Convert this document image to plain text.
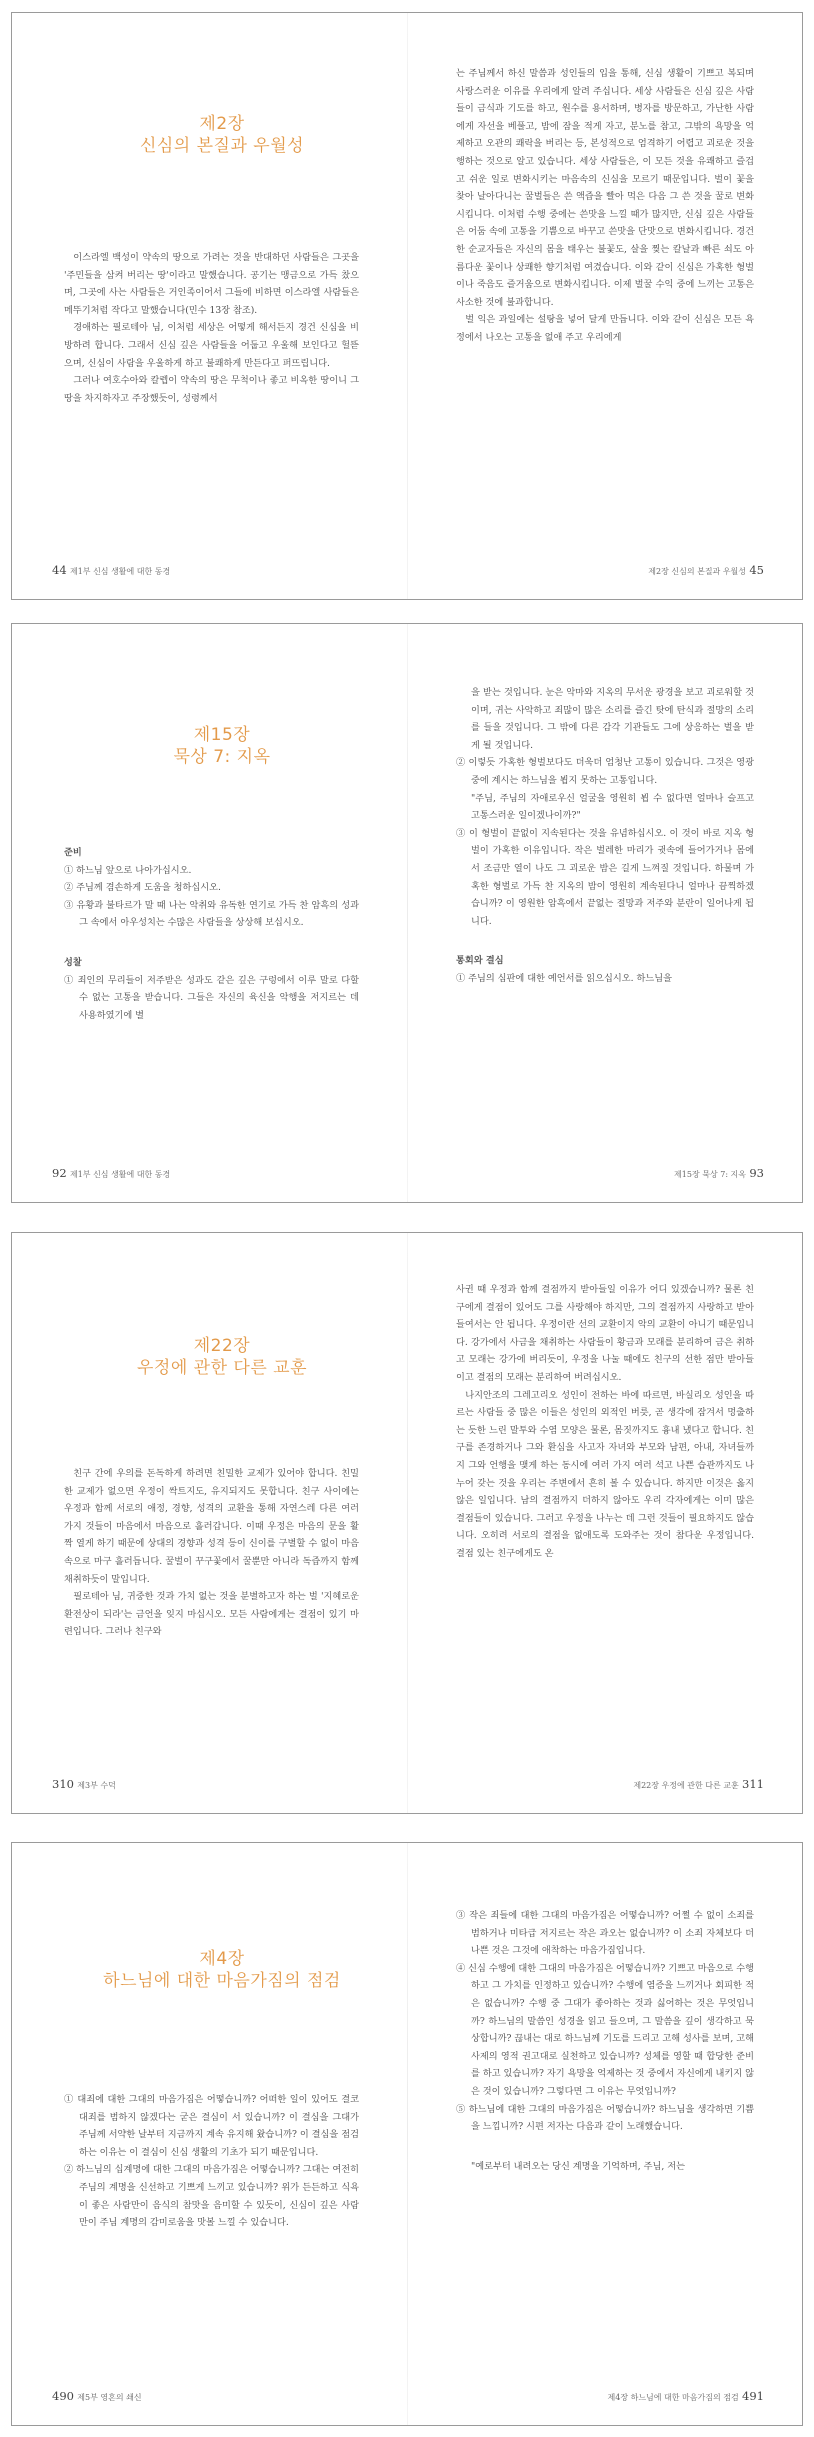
제2장
신심의 본질과 우월성

이스라엘 백성이 약속의 땅으로 가려는 것을 반대하던 사람들은 그곳을 '주민들을 삼켜 버리는 땅'이라고 말했습니다. 공기는 맹금으로 가득 찼으며, 그곳에 사는 사람들은 거인족이어서 그들에 비하면 이스라엘 사람들은 메뚜기처럼 작다고 말했습니다(민수 13장 참조).

경애하는 필로테아 님, 이처럼 세상은 어떻게 해서든지 경건 신심을 비방하려 합니다. 그래서 신심 깊은 사람들을 어둡고 우울해 보인다고 헐뜯으며, 신심이 사람을 우울하게 하고 불쾌하게 만든다고 퍼뜨립니다.

그러나 여호수아와 칼렙이 약속의 땅은 무척이나 좋고 비옥한 땅이니 그 땅을 차지하자고 주장했듯이, 성령께서

44 제1부 신심 생활에 대한 동경

는 주님께서 하신 말씀과 성인들의 입을 통해, 신심 생활이 기쁘고 복되며 사랑스러운 이유를 우리에게 알려 주십니다. 세상 사람들은 신심 깊은 사람들이 금식과 기도를 하고, 원수를 용서하며, 병자를 방문하고, 가난한 사람에게 자선을 베풀고, 밤에 잠을 적게 자고, 분노를 참고, 그밖의 욕망을 억제하고 오관의 쾌락을 버리는 등, 본성적으로 엄격하기 어렵고 괴로운 것을 행하는 것으로 알고 있습니다. 세상 사람들은, 이 모든 것을 유쾌하고 즐겁고 쉬운 일로 변화시키는 마음속의 신심을 모르기 때문입니다. 벌이 꽃을 찾아 날아다니는 꿀벌들은 쓴 액즙을 빨아 먹은 다음 그 쓴 것을 꿀로 변화시킵니다. 이처럼 수행 중에는 쓴맛을 느낄 때가 많지만, 신심 깊은 사람들은 어둠 속에 고통을 기쁨으로 바꾸고 쓴맛을 단맛으로 변화시킵니다. 경건한 순교자들은 자신의 몸을 태우는 불꽃도, 살을 찢는 칼날과 빠른 쇠도 아름다운 꽃이나 상쾌한 향기처럼 여겼습니다. 이와 같이 신심은 가혹한 형벌이나 죽음도 즐거움으로 변화시킵니다. 이제 벌꿀 수익 중에 느끼는 고통은 사소한 것에 불과합니다.

벌 익은 과일에는 설탕을 넣어 달게 만듭니다. 이와 같이 신심은 모든 욕정에서 나오는 고통을 없애 주고 우리에게

제2장 신심의 본질과 우월성 45
제15장
묵상 7: 지옥

준비

① 하느님 앞으로 나아가십시오.

② 주님께 겸손하게 도움을 청하십시오.

③ 유황과 불타르가 말 때 나는 악취와 유독한 연기로 가득 찬 암흑의 성과 그 속에서 아우성치는 수많은 사람들을 상상해 보십시오.

성찰

① 죄인의 무리들이 저주받은 성과도 같은 깊은 구렁에서 이루 말로 다할 수 없는 고통을 받습니다. 그들은 자신의 육신을 악행을 저지르는 데 사용하였기에 별

92 제1부 신심 생활에 대한 동경

을 받는 것입니다. 눈은 악마와 지옥의 무서운 광경을 보고 괴로워할 것이며, 귀는 사악하고 죄많이 많은 소리를 즐긴 탓에 탄식과 절망의 소리를 들을 것입니다. 그 밖에 다른 감각 기관들도 그에 상응하는 벌을 받게 될 것입니다.

② 이렇듯 가혹한 형벌보다도 더욱더 엄청난 고통이 있습니다. 그것은 영광 중에 계시는 하느님을 뵙지 못하는 고통입니다.

"주님, 주님의 자애로우신 얼굴을 영원히 뵙 수 없다면 얼마나 슬프고 고통스러운 일이겠나이까?"

③ 이 형벌이 끝없이 지속된다는 것을 유념하십시오. 이 것이 바로 지옥 형벌이 가혹한 이유입니다. 작은 벌레한 마리가 귓속에 들어가거나 몸에서 조금만 열이 나도 그 괴로운 밤은 길게 느껴질 것입니다. 하물며 가혹한 형벌로 가득 찬 지옥의 밤이 영원히 계속된다니 얼마나 끔찍하겠습니까? 이 영원한 암흑에서 끝없는 절망과 저주와 분란이 일어나게 됩니다.

통회와 결심

① 주님의 심판에 대한 예언서를 읽으십시오. 하느님을

제15장 묵상 7: 지옥 93
제22장
우정에 관한 다른 교훈

친구 간에 우의를 돈독하게 하려면 친밀한 교제가 있어야 합니다. 친밀한 교제가 없으면 우정이 싹트지도, 유지되지도 못합니다. 친구 사이에는 우정과 함께 서로의 애정, 경향, 성격의 교환을 통해 자연스레 다른 여러 가지 것들이 마음에서 마음으로 흘러갑니다. 이때 우정은 마음의 문을 활짝 열게 하기 때문에 상대의 경향과 성격 등이 신이를 구별할 수 없이 마음속으로 마구 흘러듭니다. 꿀벌이 꾸구꽃에서 꿀뿐만 아니라 독즙까지 함께 채취하듯이 말입니다.

필로테아 님, 귀중한 것과 가치 없는 것을 분별하고자 하는 벌 '지혜로운 환전상이 되라'는 금언을 잊지 마십시오. 모든 사람에게는 결점이 있기 마련입니다. 그러나 친구와

310 제3부 수덕

사귄 때 우정과 함께 결점까지 받아들일 이유가 어디 있겠습니까? 물론 친구에게 결점이 있어도 그를 사랑해야 하지만, 그의 결점까지 사랑하고 받아들여서는 안 됩니다. 우정이란 선의 교환이지 악의 교환이 아니기 때문입니다. 강가에서 사금을 채취하는 사람들이 황금과 모래를 분리하여 금은 취하고 모래는 강가에 버리듯이, 우정을 나눌 때에도 친구의 선한 점만 받아들이고 결점의 모래는 분리하여 버려십시오.

나지안조의 그레고리오 성인이 전하는 바에 따르면, 바실리오 성인을 따르는 사람들 중 많은 이들은 성인의 외적인 버릇, 곧 생각에 잠겨서 멍출하는 듯한 느린 말투와 수염 모양은 물론, 몸짓까지도 흉내 냈다고 합니다. 친구를 존경하거나 그와 환심을 사고자 자녀와 부모와 남편, 아내, 자녀들까지 그와 언행을 맺게 하는 동시에 여러 가지 여러 석고 나쁜 습관까지도 나누어 갖는 것을 우리는 주변에서 흔히 볼 수 있습니다. 하지만 이것은 옳지 않은 일입니다. 남의 결점까지 더하지 않아도 우리 각자에게는 이미 많은 결점들이 있습니다. 그러고 우정을 나누는 데 그런 것들이 필요하지도 않습니다. 오히려 서로의 결점을 없애도록 도와주는 것이 참다운 우정입니다. 결점 있는 친구에게도 온

제22장 우정에 관한 다른 교훈 311
제4장
하느님에 대한 마음가짐의 점검

① 대죄에 대한 그대의 마음가짐은 어떻습니까? 어떠한 일이 있어도 결코 대죄를 범하지 않겠다는 굳은 결심이 서 있습니까? 이 결심을 그대가 주님께 서약한 날부터 지금까지 계속 유지해 왔습니까? 이 결심을 점검하는 이유는 이 결심이 신심 생활의 기초가 되기 때문입니다.

② 하느님의 십계명에 대한 그대의 마음가짐은 어떻습니까? 그대는 여전히 주님의 계명을 신선하고 기쁘게 느끼고 있습니까? 위가 든든하고 식욕이 좋은 사람만이 음식의 참맛을 음미할 수 있듯이, 신심이 깊은 사람만이 주님 계명의 감미로움을 맛볼 느낄 수 있습니다.

490 제5부 영혼의 쇄신

③ 작은 죄들에 대한 그대의 마음가짐은 어떻습니까? 어쩔 수 없이 소죄를 범하거나 미타급 저지르는 작은 과오는 없습니까? 이 소죄 자체보다 더 나쁜 것은 그것에 애착하는 마음가짐입니다.

④ 신심 수행에 대한 그대의 마음가짐은 어떻습니까? 기쁘고 마음으로 수행하고 그 가치를 인정하고 있습니까? 수행에 염증을 느끼거나 회피한 적은 없습니까? 수행 중 그대가 좋아하는 것과 싫어하는 것은 무엇입니까? 하느님의 말씀인 성경을 읽고 들으며, 그 말씀을 깊이 생각하고 묵상합니까? 끊내는 대로 하느님께 기도를 드리고 고해 성사를 보며, 고해 사제의 영적 권고대로 실천하고 있습니까? 성체를 영할 때 합당한 준비를 하고 있습니까? 자기 욕망을 억제하는 것 중에서 자신에게 내키지 않은 것이 있습니까? 그렇다면 그 이유는 무엇입니까?

⑤ 하느님에 대한 그대의 마음가짐은 어떻습니까? 하느님을 생각하면 기쁨을 느낍니까? 시편 저자는 다음과 같이 노래했습니다.

"예로부터 내려오는 당신 계명을 기억하며, 주님, 저는

제4장 하느님에 대한 마음가짐의 점검 491
